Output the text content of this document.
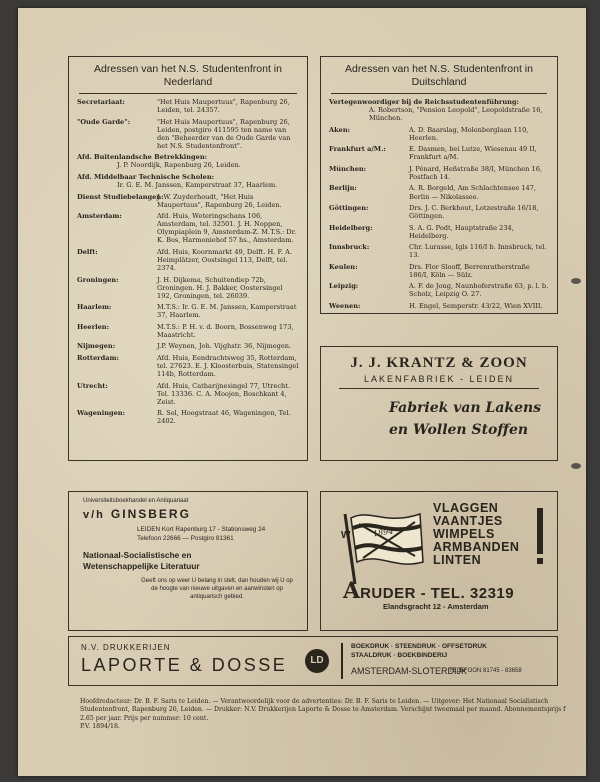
Adressen van het N.S. Studentenfront in Nederland
Secretariaat:	"Het Huis Maupertuus", Rapenburg 26, Leiden, tel. 24357.
"Oude Garde":	"Het Huis Maupertuus", Rapenburg 26, Leiden, postgiro 411595 ten name van den "Beheerder van de Oude Garde van het N.S. Studentenfront".
Afd. Buitenlandsche Betrekkingen:
J. P. Noordijk, Rapenburg 26, Leiden.
Afd. Middelbaar Technische Scholen:
Ir. G. E. M. Janssen, Kamperstraat 37, Haarlem.
Dienst Studiebelangen:
J. W. Zuyderhoudt, "Het Huis Maupertuus", Rapenburg 26, Leiden.
Amsterdam:	Afd. Huis, Weteringschans 106, Amsterdam, tel. 32501. J. H. Noppen, Olympiaplein 9, Amsterdam-Z. M.T.S.: Dr. K. Bos, Harmoniehof 57 hs., Amsterdam.
Delft:	Afd. Huis, Koornmarkt 49, Delft. H. F. A. Heimplätzer, Oostsingel 113, Delft, tel. 2374.
Groningen:	J. H. Dijkema, Schuitendiep 72b, Groningen. H. J. Bakker, Oostersingel 192, Groningen, tel. 26039.
Haarlem:	M.T.S.: Ir. G. E. M. Janssen, Kamperstraat 37, Haarlem.
Heerlen:	M.T.S.: P. H. v. d. Boorn, Bossenweg 173, Maastricht.
Nijmegen:	J.P. Weynen, Joh. Vijghstr. 36, Nijmegen.
Rotterdam:	Afd. Huis, Eendrachtsweg 35, Rotterdam, tel. 27623. E. J. Kloosterbuis, Statensingel 114b, Rotterdam.
Utrecht:	Afd. Huis, Catharijnesingel 77, Utrecht. Tel. 13336. C. A. Moojen, Boschkant 4, Zeist.
Wageningen:	R. Sol, Hoogstraat 46, Wageningen, Tel. 2402.
Adressen van het N.S. Studentenfront in Duitschland
Vertegenwoordiger bij de Reichsstudentenführung:
A. Robertson, "Pension Leopold", Leopoldstraße 16, München.
Aken:	A. D. Baarslag, Molenberglaan 110, Heerlen.
Frankfurt a/M.:	E. Dasmen, bei Lutze, Wiesenau 49 II, Frankfurt a/M.
München:	J. Pénard, Heßstraße 38/I, München 16, Postfach 14.
Berlijn:	A. R. Borgeld, Am Schlachtensee 147, Berlin — Nikolassee.
Göttingen:	Drs. J. C. Berkhout, Lotzestraße 16/18, Göttingen.
Heidelberg:	S. A. G. Podt, Hauptstraße 234, Heidelberg.
Innsbruck:	Chr. Lurasse, Igls 116/I b. Innsbruck, tel. 13.
Keulen:	Drs. Flor Slooff, Berrenratherstraße 186/I, Köln — Sülz.
Leipzig:	A. F. de Jong, Naunhoferstraße 63, p. l. b. Scholz, Leipzig O. 27.
Weenen:	H. Engel, Semperstr. 43/22, Wien XVIII.
J. J. KRANTZ & ZOON
LAKENFABRIEK - LEIDEN
Fabriek van Lakens
en Wollen Stoffen
Universiteitsboekhandel en Antiquariaat
v/h GINSBERG
LEIDEN Kort Rapenburg 17 - Stationsweg 24
Telefoon 22666 — Postgiro 81361
Nationaal-Socialistische en
Wetenschappelijke Literatuur
Geeft ons op weer U belang in stelt, dan houden wij U op de hoogte van nieuwe uitgaven en aanwinsten op antiquarisch gebied.
W	1894
VLAGGEN
VAANTJES
WIMPELS
ARMBANDEN
LINTEN
A RUDER - TEL. 32319
Elandsgracht 12 - Amsterdam
N.V. DRUKKERIJEN
LAPORTE & DOSSE	LD
BOEKDRUK · STEENDRUK · OFFSETDRUK
STAALDRUK · BOEKBINDERIJ
AMSTERDAM-SLOTERDIJK
TELEFOON 81745 - 83658
Hoofdredacteur: Dr. B. F. Saris te Leiden. — Verantwoordelijk voor de advertenties: Dr. B. F. Saris te Leiden. — Uitgever: Het Nationaal Socialistisch Studentenfront, Rapenburg 26, Leiden. — Drukker: N.V. Drukkerijen Laporte & Dosse te Amsterdam. Verschijnt tweemaal per maand. Abonnementsprijs f 2.65 per jaar. Prijs per nummer: 10 cent.
P.V. 1894/18.
